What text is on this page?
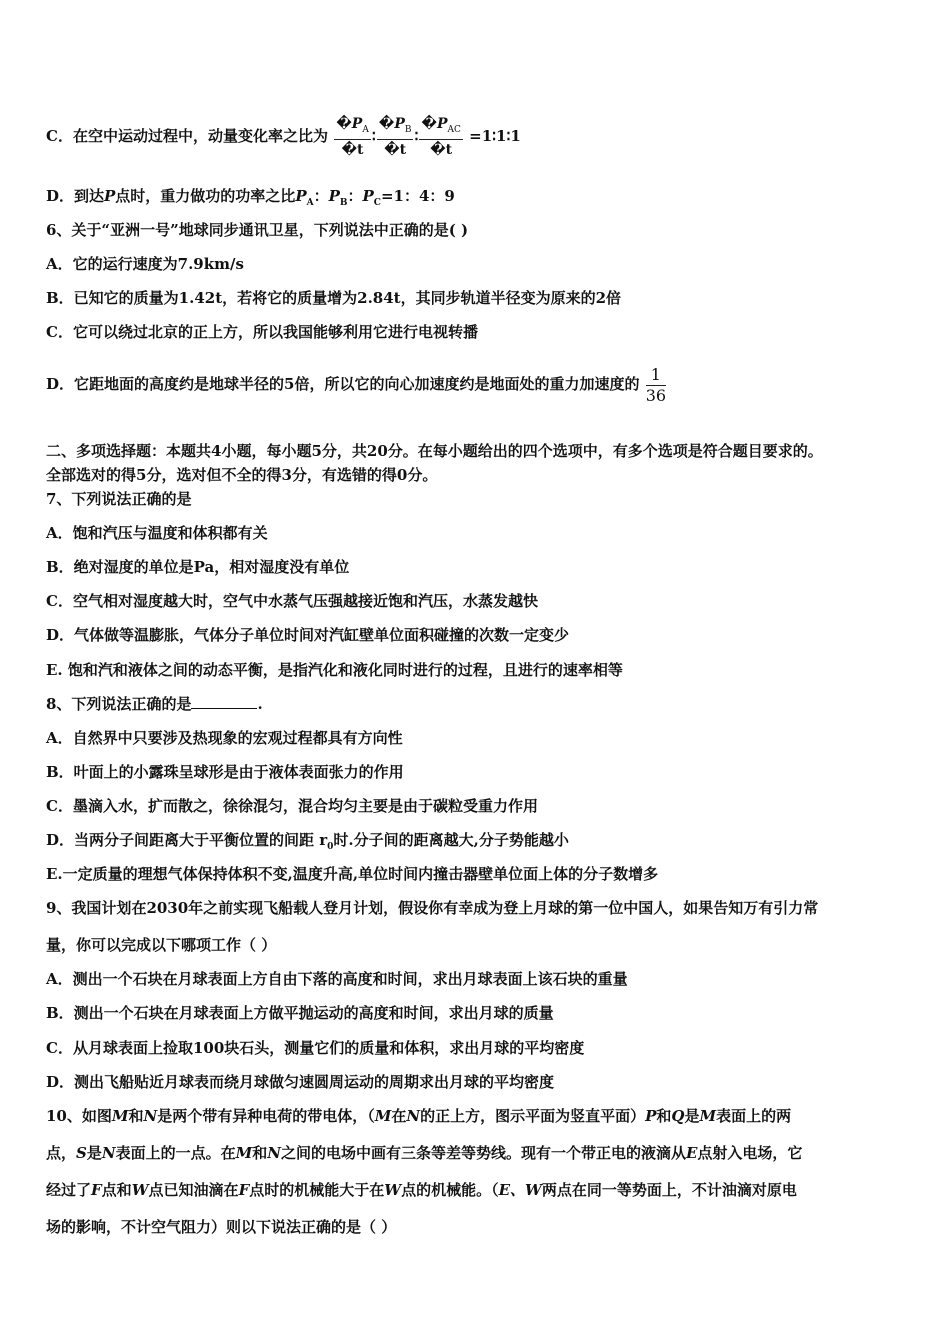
C．在空中运动过程中，动量变化率之比为 $\frac{�P_A}{�t}$ ∶ $\frac{�P_B}{�t}$ ∶ $\frac{�P_{AC}}{�t}$ =1∶1∶1
D．到达P点时，重力做功的功率之比$P_A$：$P_B$：$P_C=1$：4：9
6、关于“亚洲一号”地球同步通讯卫星，下列说法中正确的是( )
A．它的运行速度为7.9km/s
B．已知它的质量为1.42t，若将它的质量增为2.84t，其同步轨道半径变为原来的2倍
C．它可以绕过北京的正上方，所以我国能够利用它进行电视转播
D．它距地面的高度约是地球半径的5倍，所以它的向心加速度约是地面处的重力加速度的 $\frac{1}{36}$
二、多项选择题：本题共4小题，每小题5分，共20分。在每小题给出的四个选项中，有多个选项是符合题目要求的。
全部选对的得5分，选对但不全的得3分，有选错的得0分。
7、下列说法正确的是
A．饱和汽压与温度和体积都有关
B．绝对湿度的单位是Pa，相对湿度没有单位
C．空气相对湿度越大时，空气中水蒸气压强越接近饱和汽压，水蒸发越快
D．气体做等温膨胀，气体分子单位时间对汽缸壁单位面积碰撞的次数一定变少
E. 饱和汽和液体之间的动态平衡，是指汽化和液化同时进行的过程，且进行的速率相等
8、下列说法正确的是	.
A．自然界中只要涉及热现象的宏观过程都具有方向性
B．叶面上的小露珠呈球形是由于液体表面张力的作用
C．墨滴入水，扩而散之，徐徐混匀，混合均匀主要是由于碳粒受重力作用
D．当两分子间距离大于平衡位置的间距 $r_0$时.分子间的距离越大,分子势能越小
E.一定质量的理想气体保持体积不变,温度升高,单位时间内撞击器壁单位面上体的分子数增多
9、我国计划在2030年之前实现飞船载人登月计划，假设你有幸成为登上月球的第一位中国人，如果告知万有引力常
量，你可以完成以下哪项工作（ ）
A．测出一个石块在月球表面上方自由下落的高度和时间，求出月球表面上该石块的重量
B．测出一个石块在月球表面上方做平抛运动的高度和时间，求出月球的质量
C．从月球表面上捡取100块石头，测量它们的质量和体积，求出月球的平均密度
D．测出飞船贴近月球表而绕月球做匀速圆周运动的周期求出月球的平均密度
10、如图M和N是两个带有异种电荷的带电体，（M在N的正上方，图示平面为竖直平面）P和Q是M表面上的两
点，S是N表面上的一点。在M和N之间的电场中画有三条等差等势线。现有一个带正电的液滴从E点射入电场，它
经过了F点和W点已知油滴在F点时的机械能大于在W点的机械能。（E、W两点在同一等势面上，不计油滴对原电
场的影响，不计空气阻力）则以下说法正确的是（ ）
